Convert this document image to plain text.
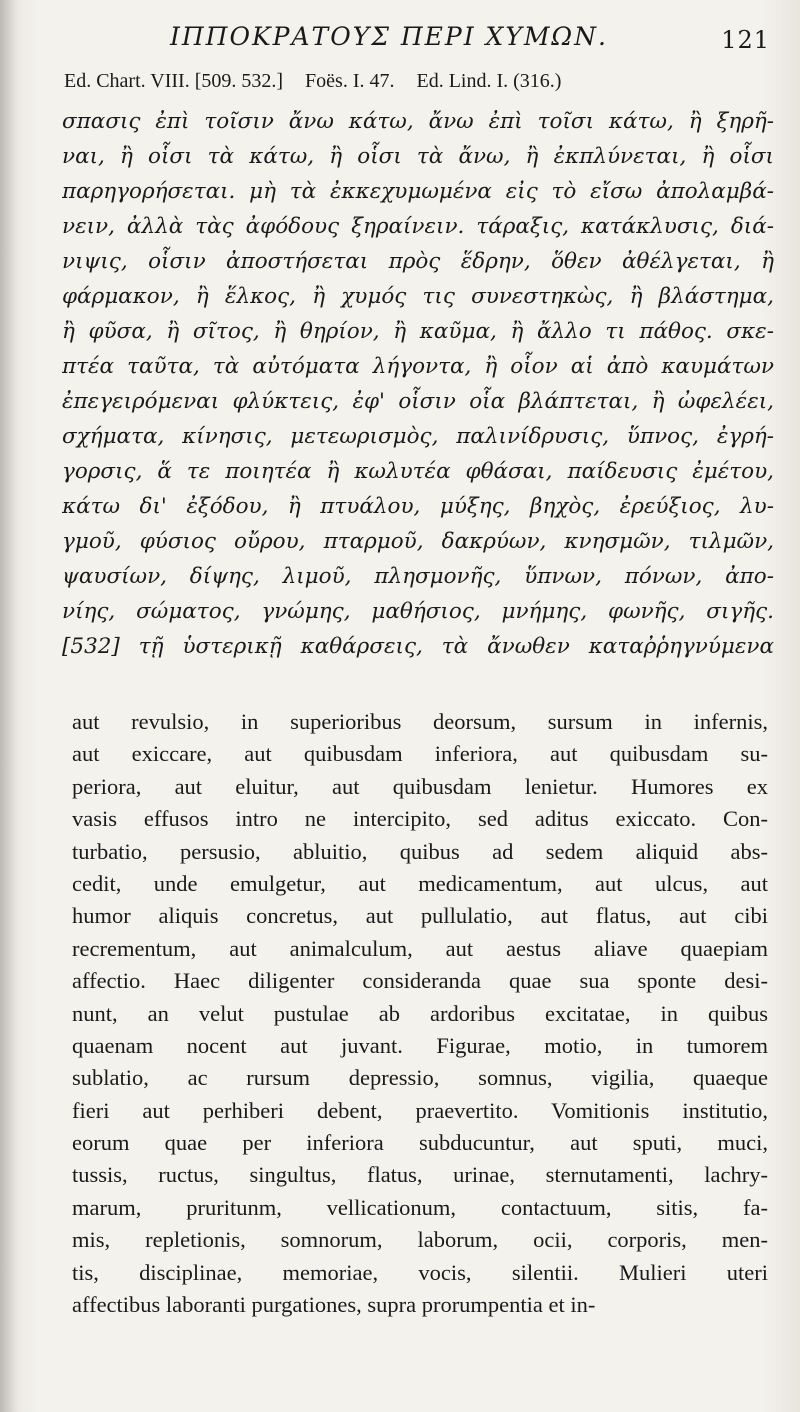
ΙΠΠΟΚΡΑΤΟΥΣ ΠΕΡΙ ΧΥΜΩΝ.	121
Ed. Chart. VIII. [509. 532.] Foës. I. 47. Ed. Lind. I. (316.)
σπασις ἐπὶ τοῖσιν ἄνω κάτω, ἄνω ἐπὶ τοῖσι κάτω, ἢ ξηρῆ-
ναι, ἢ οἷσι τὰ κάτω, ἢ οἷσι τὰ ἄνω, ἢ ἐκπλύνεται, ἢ οἷσι
παρηγορήσεται. μὴ τὰ ἐκκεχυμωμένα εἰς τὸ εἴσω ἀπολαμβά-
νειν, ἀλλὰ τὰς ἀφόδους ξηραίνειν. τάραξις, κατάκλυσις, διά-
νιψις, οἷσιν ἀποστήσεται πρὸς ἕδρην, ὅθεν ἀθέλγεται, ἢ
φάρμακον, ἢ ἕλκος, ἢ χυμός τις συνεστηκὼς, ἢ βλάστημα,
ἢ φῦσα, ἢ σῖτος, ἢ θηρίον, ἢ καῦμα, ἢ ἄλλο τι πάθος. σκε-
πτέα ταῦτα, τὰ αὐτόματα λήγοντα, ἢ οἷον αἱ ἀπὸ καυμάτων
ἐπεγειρόμεναι φλύκτεις, ἐφ' οἷσιν οἷα βλάπτεται, ἢ ὠφελέει,
σχήματα, κίνησις, μετεωρισμὸς, παλινίδρυσις, ὕπνος, ἐγρή-
γορσις, ἅ τε ποιητέα ἢ κωλυτέα φθάσαι, παίδευσις ἐμέτου,
κάτω δι' ἐξόδου, ἢ πτυάλου, μύξης, βηχὸς, ἐρεύξιος, λυ-
γμοῦ, φύσιος οὔρου, πταρμοῦ, δακρύων, κνησμῶν, τιλμῶν,
ψαυσίων, δίψης, λιμοῦ, πλησμονῆς, ὕπνων, πόνων, ἀπο-
νίης, σώματος, γνώμης, μαθήσιος, μνήμης, φωνῆς, σιγῆς.
[532] τῇ ὑστερικῇ καθάρσεις, τὰ ἄνωθεν καταῤῥηγνύμενα
aut revulsio, in superioribus deorsum, sursum in infernis,
aut exiccare, aut quibusdam inferiora, aut quibusdam su-
periora, aut eluitur, aut quibusdam lenietur. Humores ex
vasis effusos intro ne intercipito, sed aditus exiccato. Con-
turbatio, persusio, abluitio, quibus ad sedem aliquid abs-
cedit, unde emulgetur, aut medicamentum, aut ulcus, aut
humor aliquis concretus, aut pullulatio, aut flatus, aut cibi
recrementum, aut animalculum, aut aestus aliave quaepiam
affectio. Haec diligenter considerandа quae sua sponte desi-
nunt, an velut pustulae ab ardoribus excitatae, in quibus
quaenam nocent aut juvant. Figurae, motio, in tumorem
sublatio, ac rursum depressio, somnus, vigilia, quaeque
fieri aut perhiberi debent, praevertito. Vomitionis institutio,
eorum quae per inferiora subducuntur, aut sputi, muci,
tussis, ructus, singultus, flatus, urinae, sternutamenti, lachry-
marum, pruritunm, vellicationum, contactuum, sitis, fa-
mis, repletionis, somnorum, laborum, ocii, corporis, men-
tis, disciplinae, memoriae, vocis, silentii. Mulieri uteri
affectibus laboranti purgationes, supra prorumpentia et in-
